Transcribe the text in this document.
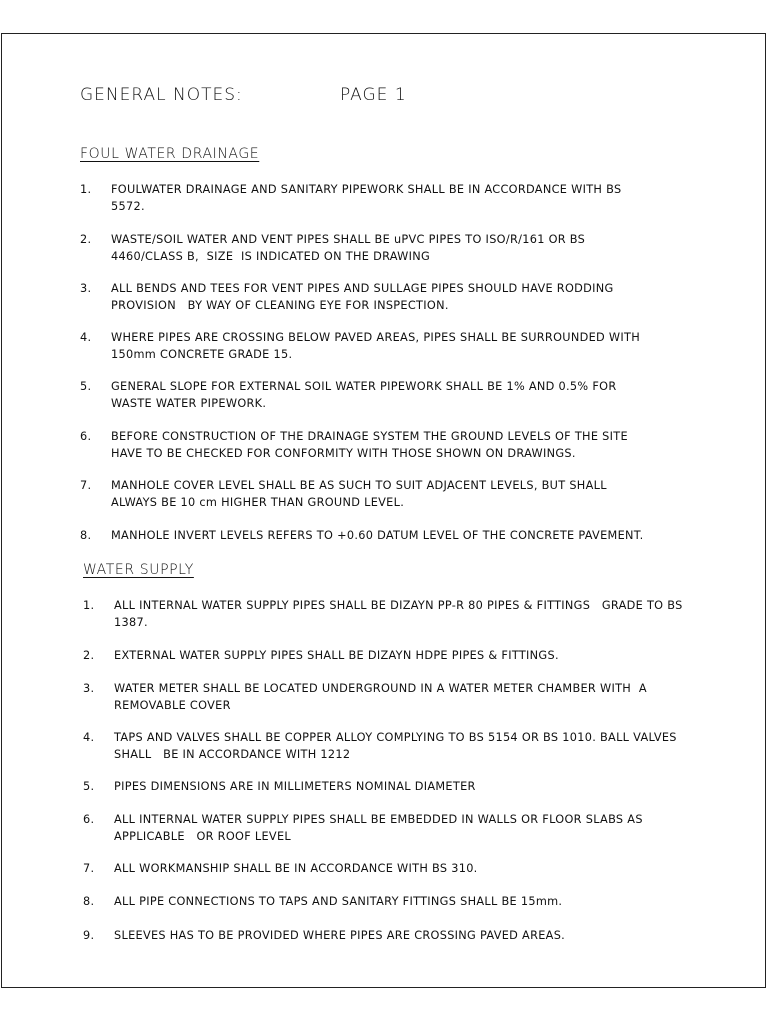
GENERAL NOTES:	PAGE 1
FOUL WATER DRAINAGE
1. FOULWATER DRAINAGE AND SANITARY PIPEWORK SHALL BE IN ACCORDANCE WITH BS
5572.
2. WASTE/SOIL WATER AND VENT PIPES SHALL BE uPVC PIPES TO ISO/R/161 OR BS
4460/CLASS B,  SIZE  IS INDICATED ON THE DRAWING
3. ALL BENDS AND TEES FOR VENT PIPES AND SULLAGE PIPES SHOULD HAVE RODDING
PROVISION   BY WAY OF CLEANING EYE FOR INSPECTION.
4. WHERE PIPES ARE CROSSING BELOW PAVED AREAS, PIPES SHALL BE SURROUNDED WITH
150mm CONCRETE GRADE 15.
5. GENERAL SLOPE FOR EXTERNAL SOIL WATER PIPEWORK SHALL BE 1% AND 0.5% FOR
WASTE WATER PIPEWORK.
6. BEFORE CONSTRUCTION OF THE DRAINAGE SYSTEM THE GROUND LEVELS OF THE SITE
HAVE TO BE CHECKED FOR CONFORMITY WITH THOSE SHOWN ON DRAWINGS.
7. MANHOLE COVER LEVEL SHALL BE AS SUCH TO SUIT ADJACENT LEVELS, BUT SHALL
ALWAYS BE 10 cm HIGHER THAN GROUND LEVEL.
8. MANHOLE INVERT LEVELS REFERS TO +0.60 DATUM LEVEL OF THE CONCRETE PAVEMENT.
WATER SUPPLY
1. ALL INTERNAL WATER SUPPLY PIPES SHALL BE DIZAYN PP-R 80 PIPES & FITTINGS   GRADE TO BS
1387.
2. EXTERNAL WATER SUPPLY PIPES SHALL BE DIZAYN HDPE PIPES & FITTINGS.
3. WATER METER SHALL BE LOCATED UNDERGROUND IN A WATER METER CHAMBER WITH  A
REMOVABLE COVER
4. TAPS AND VALVES SHALL BE COPPER ALLOY COMPLYING TO BS 5154 OR BS 1010. BALL VALVES
SHALL   BE IN ACCORDANCE WITH 1212
5. PIPES DIMENSIONS ARE IN MILLIMETERS NOMINAL DIAMETER
6. ALL INTERNAL WATER SUPPLY PIPES SHALL BE EMBEDDED IN WALLS OR FLOOR SLABS AS
APPLICABLE   OR ROOF LEVEL
7. ALL WORKMANSHIP SHALL BE IN ACCORDANCE WITH BS 310.
8. ALL PIPE CONNECTIONS TO TAPS AND SANITARY FITTINGS SHALL BE 15mm.
9. SLEEVES HAS TO BE PROVIDED WHERE PIPES ARE CROSSING PAVED AREAS.
